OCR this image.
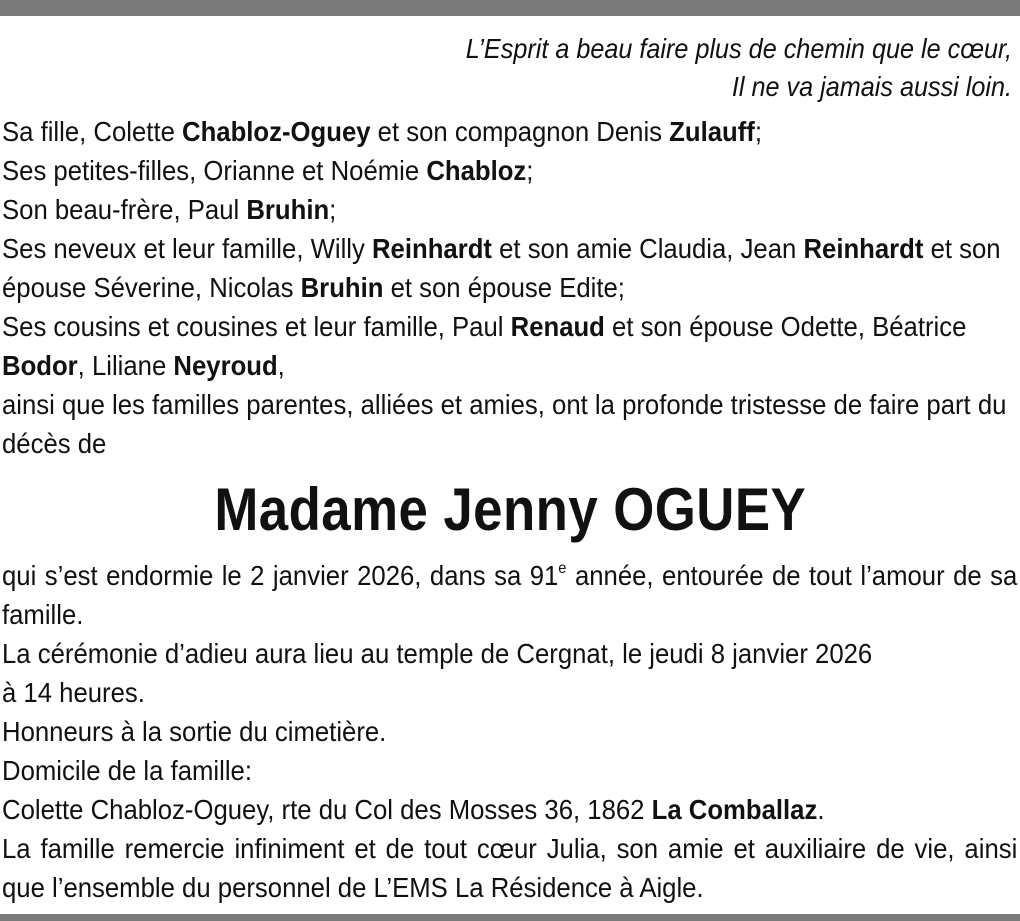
L’Esprit a beau faire plus de chemin que le cœur,
Il ne va jamais aussi loin.

Sa fille, Colette Chabloz-Oguey et son compagnon Denis Zulauff;

Ses petites-filles, Orianne et Noémie Chabloz;

Son beau-frère, Paul Bruhin;

Ses neveux et leur famille, Willy Reinhardt et son amie Claudia, Jean Reinhardt et son épouse Séverine, Nicolas Bruhin et son épouse Edite;

Ses cousins et cousines et leur famille, Paul Renaud et son épouse Odette, Béatrice Bodor, Liliane Neyroud,

ainsi que les familles parentes, alliées et amies, ont la profonde tristesse de faire part du décès de

Madame Jenny OGUEY

qui s’est endormie le 2 janvier 2026, dans sa 91e année, entourée de tout l’amour de sa famille.

La cérémonie d’adieu aura lieu au temple de Cergnat, le jeudi 8 janvier 2026
à 14 heures.

Honneurs à la sortie du cimetière.

Domicile de la famille:

Colette Chabloz-Oguey, rte du Col des Mosses 36, 1862 La Comballaz.

La famille remercie infiniment et de tout cœur Julia, son amie et auxiliaire de vie, ainsi que l’ensemble du personnel de L’EMS La Résidence à Aigle.
